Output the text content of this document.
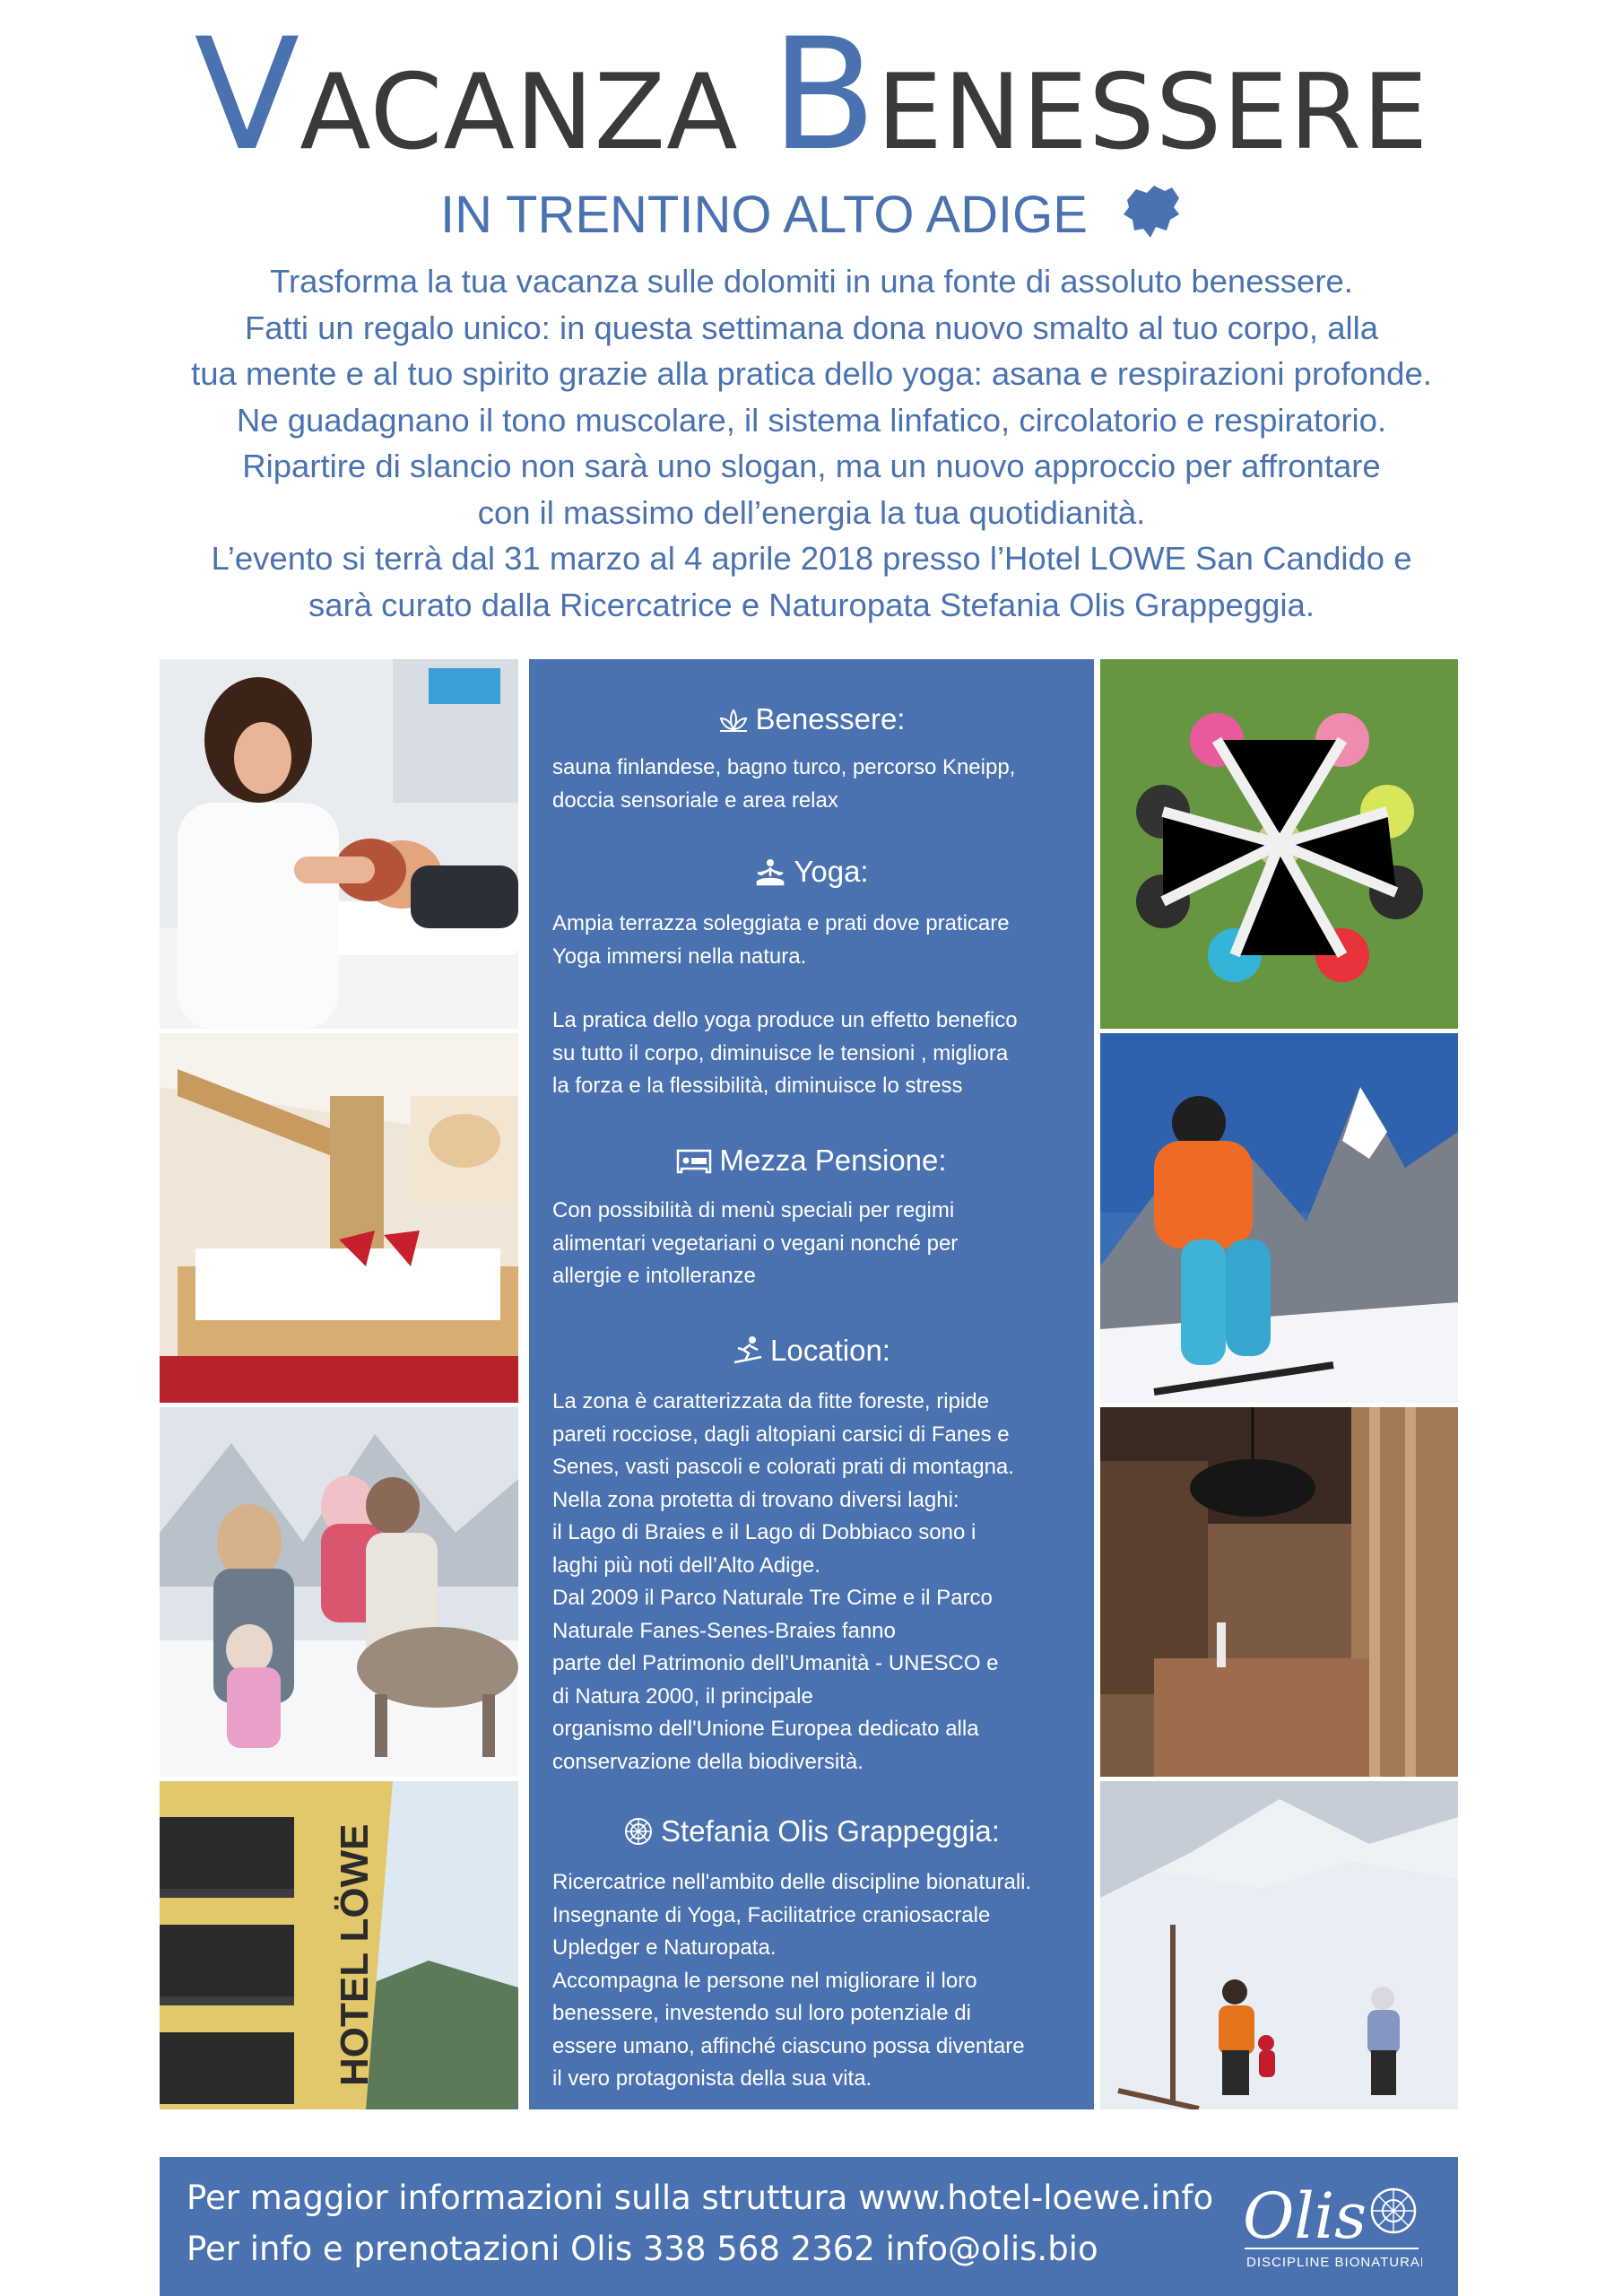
VACANZA BENESSERE
IN TRENTINO ALTO ADIGE

Trasforma la tua vacanza sulle dolomiti in una fonte di assoluto benessere.

Fatti un regalo unico: in questa settimana dona nuovo smalto al tuo corpo, alla

tua mente e al tuo spirito grazie alla pratica dello yoga: asana e respirazioni profonde.

Ne guadagnano il tono muscolare, il sistema linfatico, circolatorio e respiratorio.

Ripartire di slancio non sarà uno slogan, ma un nuovo approccio per affrontare

con il massimo dell’energia la tua quotidianità.

L’evento si terrà dal 31 marzo al 4 aprile 2018 presso l’Hotel LOWE San Candido e

sarà curato dalla Ricercatrice e Naturopata Stefania Olis Grappeggia.

HOTEL LÖWE
Benessere:

sauna finlandese, bagno turco, percorso Kneipp,

doccia sensoriale e area relax

Yoga:

Ampia terrazza soleggiata e prati dove praticare

Yoga immersi nella natura.

La pratica dello yoga produce un effetto benefico

su tutto il corpo, diminuisce le tensioni , migliora

la forza e la flessibilità, diminuisce lo stress

Mezza Pensione:

Con possibilità di menù speciali per regimi

alimentari vegetariani o vegani nonché per

allergie e intolleranze

Location:

La zona è caratterizzata da fitte foreste, ripide

pareti rocciose, dagli altopiani carsici di Fanes e

Senes, vasti pascoli e colorati prati di montagna.

Nella zona protetta di trovano diversi laghi:

il Lago di Braies e il Lago di Dobbiaco sono i

laghi più noti dell’Alto Adige.

Dal 2009 il Parco Naturale Tre Cime e il Parco

Naturale Fanes-Senes-Braies fanno

parte del Patrimonio dell’Umanità - UNESCO e

di Natura 2000, il principale

organismo dell'Unione Europea dedicato alla

conservazione della biodiversità.

Stefania Olis Grappeggia:

Ricercatrice nell'ambito delle discipline bionaturali.

Insegnante di Yoga, Facilitatrice craniosacrale

Upledger e Naturopata.

Accompagna le persone nel migliorare il loro

benessere, investendo sul loro potenziale di

essere umano, affinché ciascuno possa diventare

il vero protagonista della sua vita.

Per maggior informazioni sulla struttura www.hotel-loewe.info
Per info e prenotazioni Olis 338 568 2362 info@olis.bio Olis
DISCIPLINE BIONATURALI
